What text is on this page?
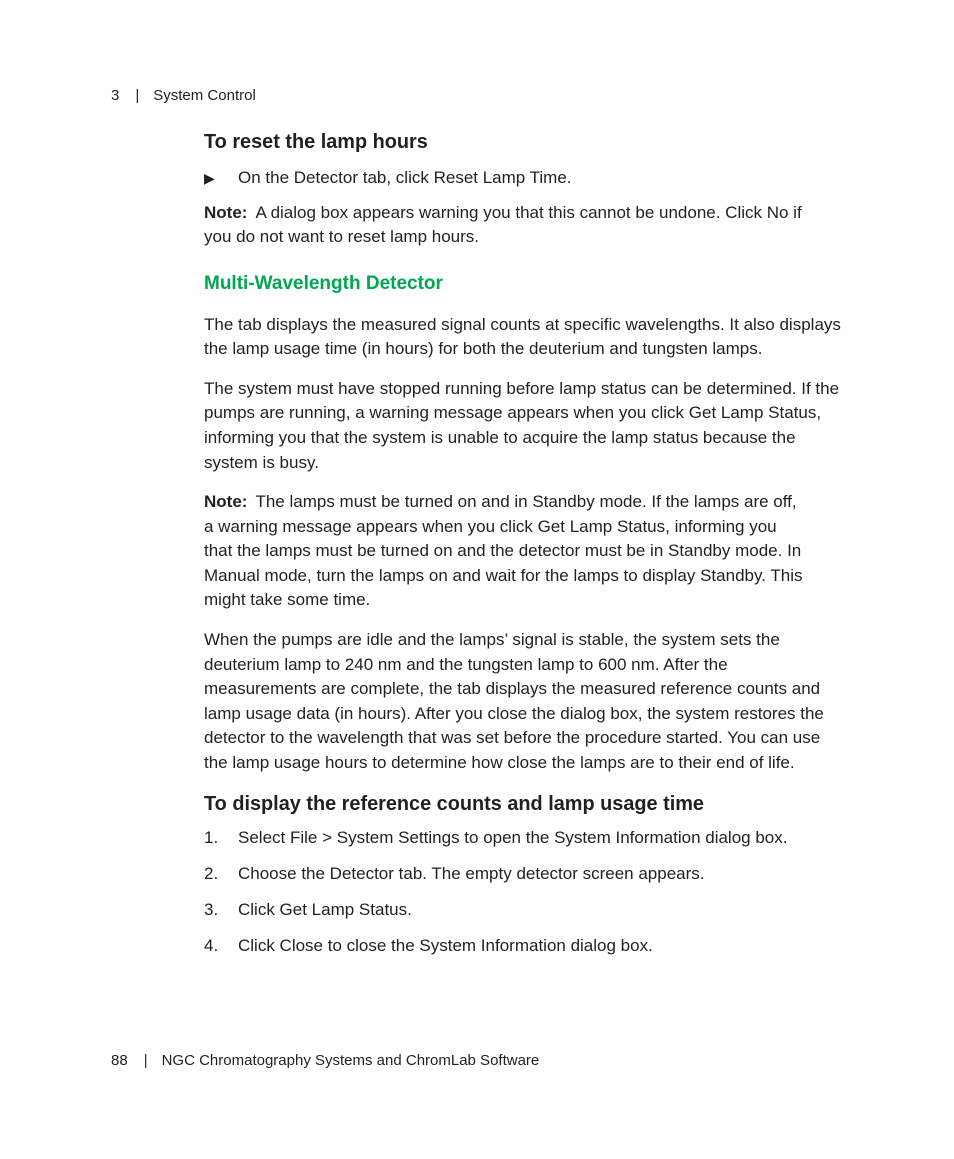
3 | System Control
To reset the lamp hours
▶	On the Detector tab, click Reset Lamp Time.

Note: A dialog box appears warning you that this cannot be undone. Click No if you do not want to reset lamp hours.

Multi-Wavelength Detector

The tab displays the measured signal counts at specific wavelengths. It also displays the lamp usage time (in hours) for both the deuterium and tungsten lamps.

The system must have stopped running before lamp status can be determined. If the pumps are running, a warning message appears when you click Get Lamp Status, informing you that the system is unable to acquire the lamp status because the system is busy.

Note: The lamps must be turned on and in Standby mode. If the lamps are off, a warning message appears when you click Get Lamp Status, informing you that the lamps must be turned on and the detector must be in Standby mode. In Manual mode, turn the lamps on and wait for the lamps to display Standby. This might take some time.

When the pumps are idle and the lamps’ signal is stable, the system sets the deuterium lamp to 240 nm and the tungsten lamp to 600 nm. After the measurements are complete, the tab displays the measured reference counts and lamp usage data (in hours). After you close the dialog box, the system restores the detector to the wavelength that was set before the procedure started. You can use the lamp usage hours to determine how close the lamps are to their end of life.

To display the reference counts and lamp usage time
1.	Select File > System Settings to open the System Information dialog box.
2.	Choose the Detector tab. The empty detector screen appears.
3.	Click Get Lamp Status.
4.	Click Close to close the System Information dialog box.
88 | NGC Chromatography Systems and ChromLab Software
